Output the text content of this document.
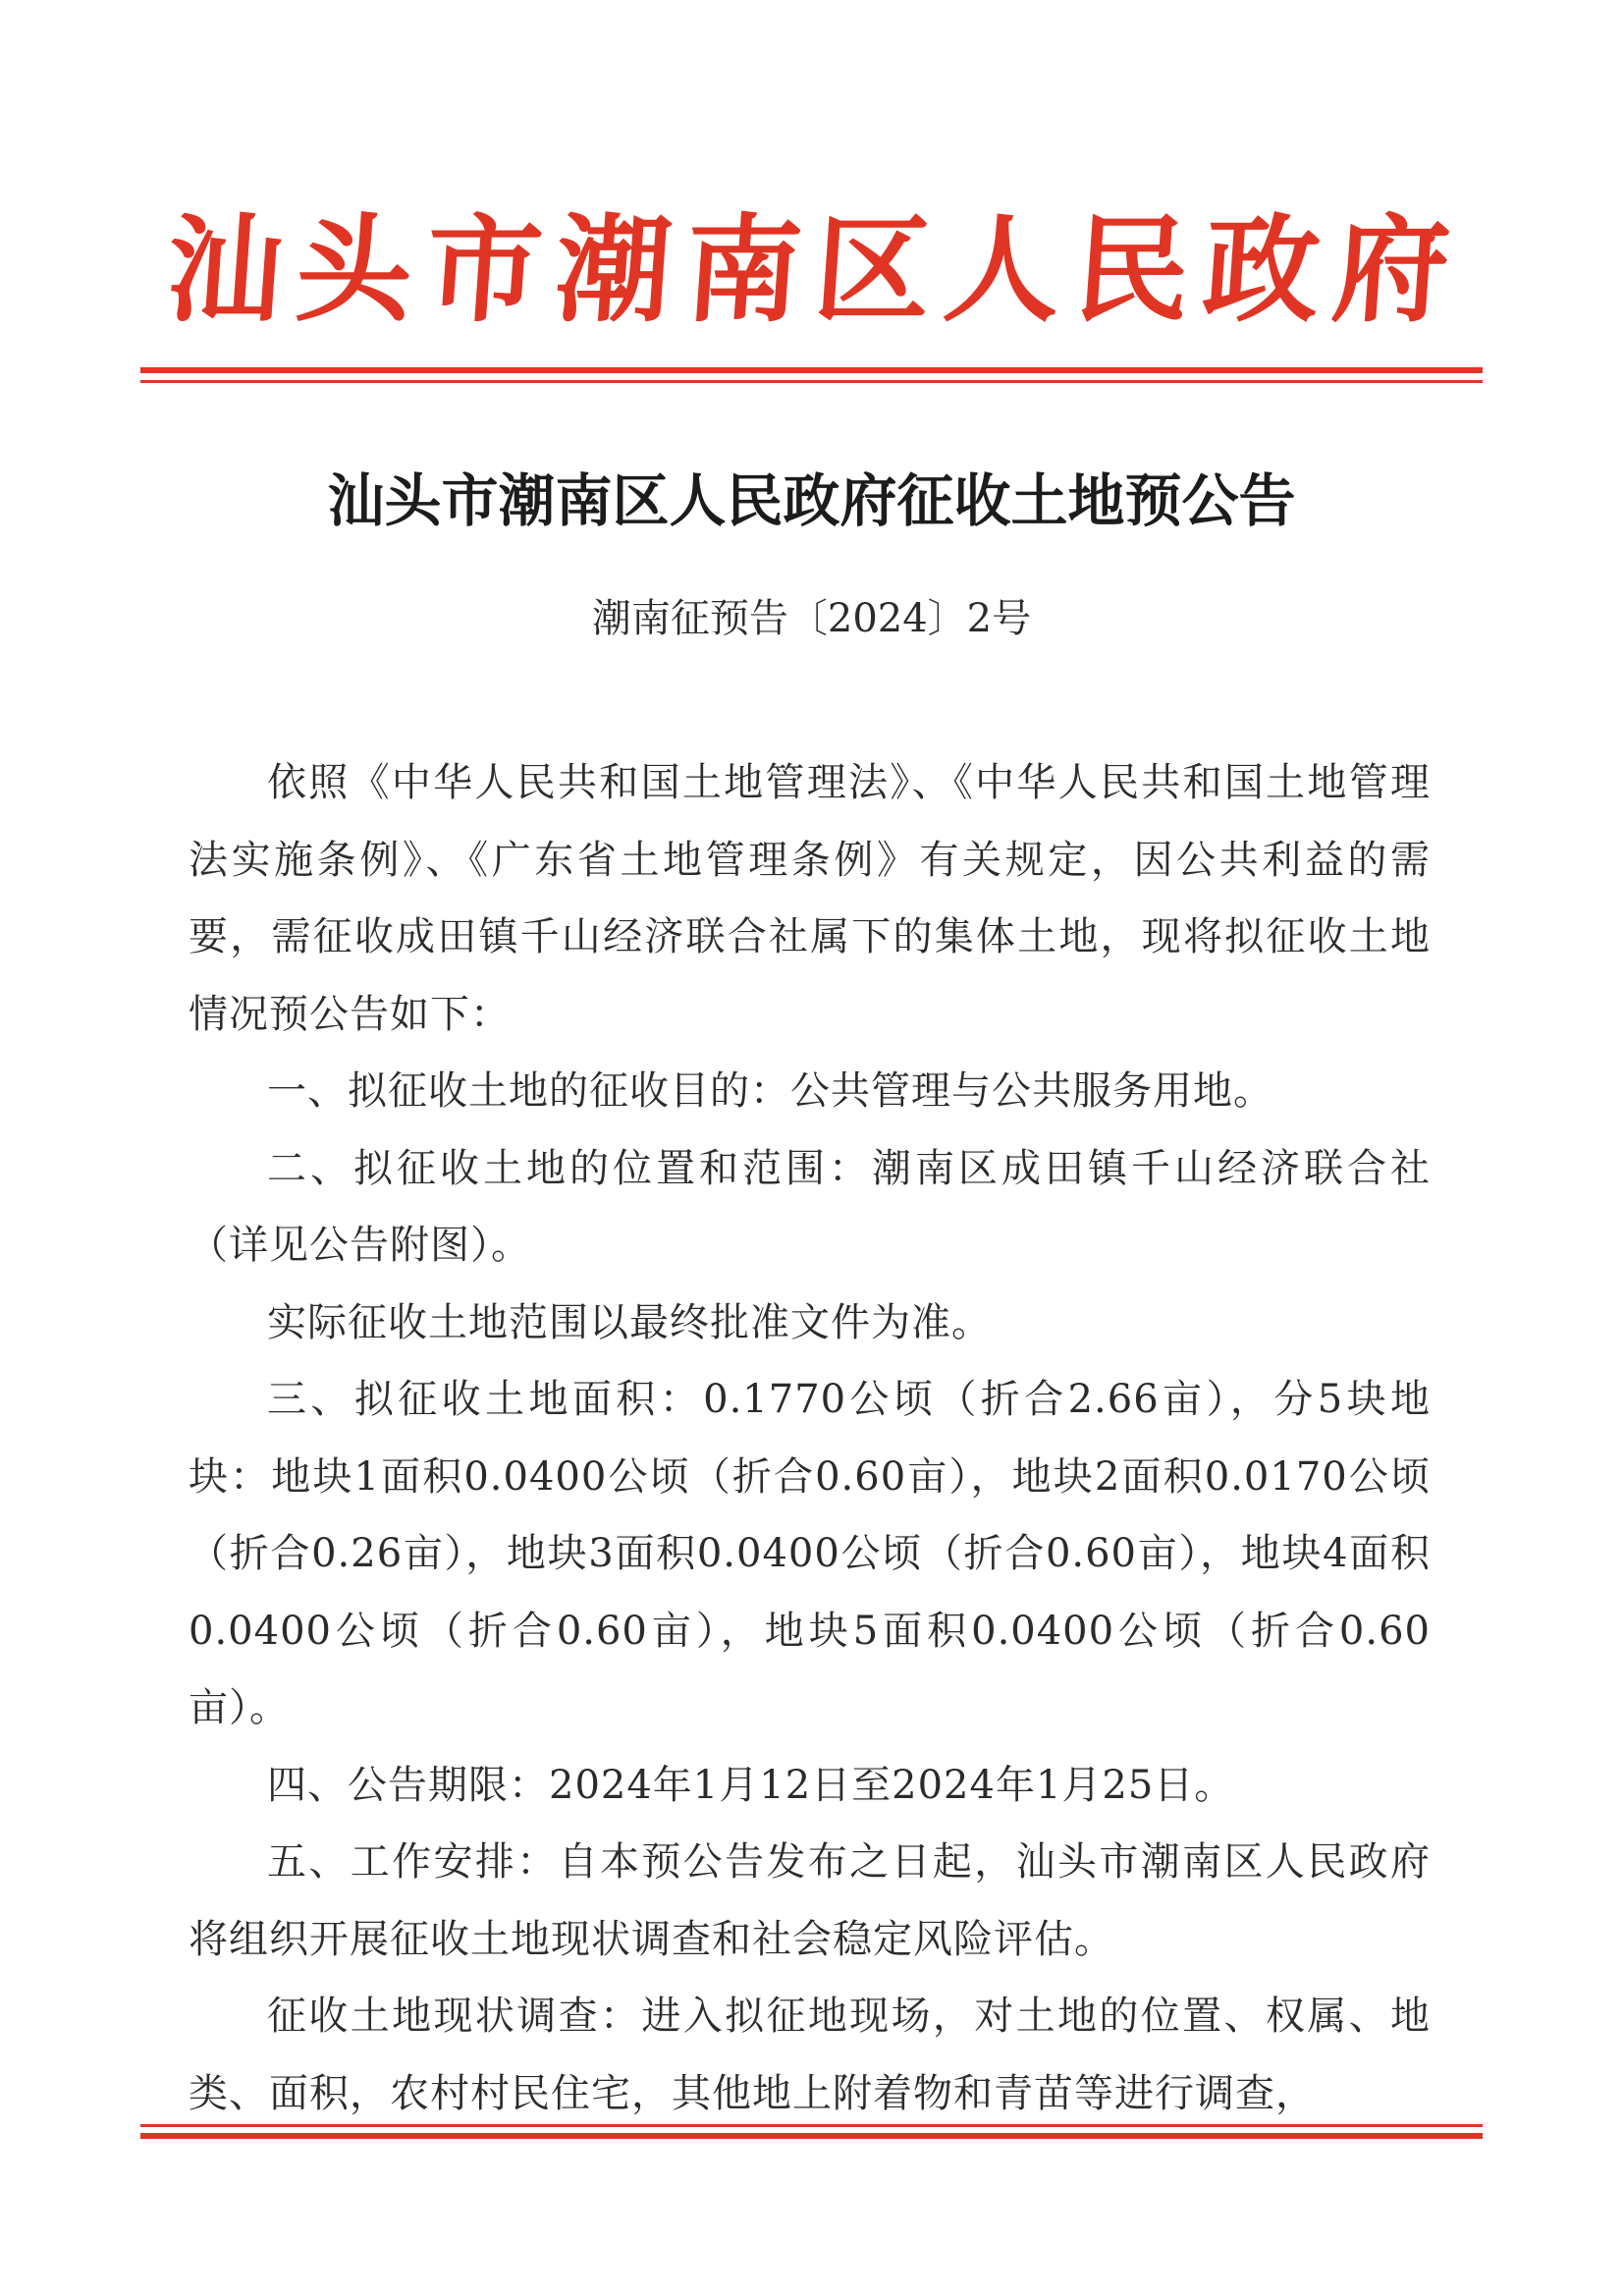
汕头市潮南区人民政府
汕头市潮南区人民政府征收土地预公告
潮南征预告〔2024〕2号

依照《中华人民共和国土地管理法》、《中华人民共和国土地管理法实施条例》、《广东省土地管理条例》有关规定，因公共利益的需要，需征收成田镇千山经济联合社属下的集体土地，现将拟征收土地情况预公告如下：

一、拟征收土地的征收目的：公共管理与公共服务用地。

二、拟征收土地的位置和范围：潮南区成田镇千山经济联合社（详见公告附图）。

实际征收土地范围以最终批准文件为准。

三、拟征收土地面积：0.1770公顷（折合2.66亩），分5块地块：地块1面积0.0400公顷（折合0.60亩），地块2面积0.0170公顷（折合0.26亩），地块3面积0.0400公顷（折合0.60亩），地块4面积0.0400公顷（折合0.60亩），地块5面积0.0400公顷（折合0.60亩）。

四、公告期限：2024年1月12日至2024年1月25日。

五、工作安排：自本预公告发布之日起，汕头市潮南区人民政府将组织开展征收土地现状调查和社会稳定风险评估。

征收土地现状调查：进入拟征地现场，对土地的位置、权属、地类、面积，农村村民住宅，其他地上附着物和青苗等进行调查，
